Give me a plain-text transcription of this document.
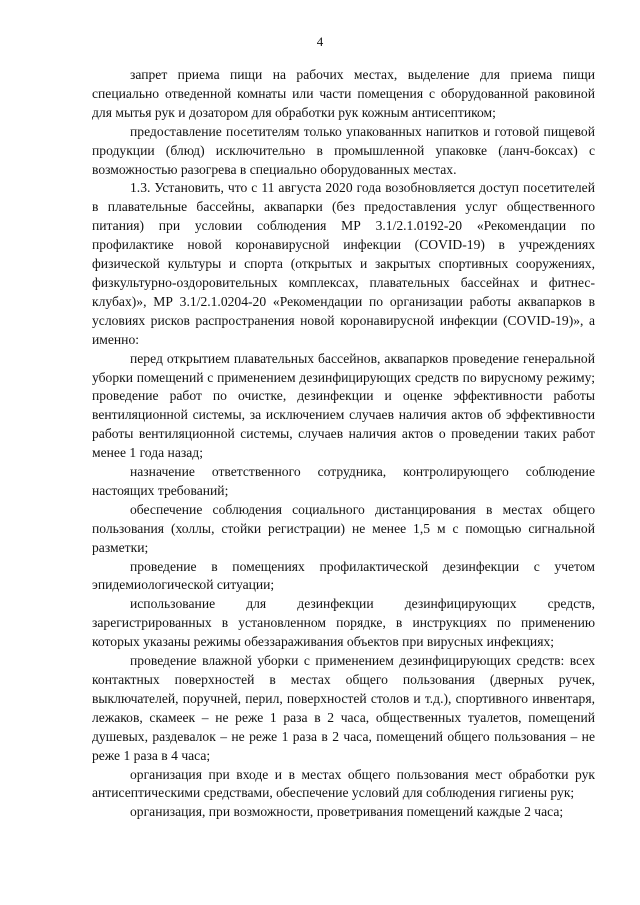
4

запрет приема пищи на рабочих местах, выделение для приема пищи специально отведенной комнаты или части помещения с оборудованной раковиной для мытья рук и дозатором для обработки рук кожным антисептиком;

предоставление посетителям только упакованных напитков и готовой пищевой продукции (блюд) исключительно в промышленной упаковке (ланч-боксах) с возможностью разогрева в специально оборудованных местах.

1.3. Установить, что с 11 августа 2020 года возобновляется доступ посетителей в плавательные бассейны, аквапарки (без предоставления услуг общественного питания) при условии соблюдения МР 3.1/2.1.0192-20 «Рекомендации по профилактике новой коронавирусной инфекции (COVID-19) в учреждениях физической культуры и спорта (открытых и закрытых спортивных сооружениях, физкультурно-оздоровительных комплексах, плавательных бассейнах и фитнес-клубах)», МР 3.1/2.1.0204-20 «Рекомендации по организации работы аквапарков в условиях рисков распространения новой коронавирусной инфекции (COVID-19)», а именно:

перед открытием плавательных бассейнов, аквапарков проведение генеральной уборки помещений с применением дезинфицирующих средств по вирусному режиму; проведение работ по очистке, дезинфекции и оценке эффективности работы вентиляционной системы, за исключением случаев наличия актов об эффективности работы вентиляционной системы, случаев наличия актов о проведении таких работ менее 1 года назад;

назначение ответственного сотрудника, контролирующего соблюдение настоящих требований;

обеспечение соблюдения социального дистанцирования в местах общего пользования (холлы, стойки регистрации) не менее 1,5 м с помощью сигнальной разметки;

проведение в помещениях профилактической дезинфекции с учетом эпидемиологической ситуации;

использование для дезинфекции дезинфицирующих средств, зарегистрированных в установленном порядке, в инструкциях по применению которых указаны режимы обеззараживания объектов при вирусных инфекциях;

проведение влажной уборки с применением дезинфицирующих средств: всех контактных поверхностей в местах общего пользования (дверных ручек, выключателей, поручней, перил, поверхностей столов и т.д.), спортивного инвентаря, лежаков, скамеек – не реже 1 раза в 2 часа, общественных туалетов, помещений душевых, раздевалок – не реже 1 раза в 2 часа, помещений общего пользования – не реже 1 раза в 4 часа;

организация при входе и в местах общего пользования мест обработки рук антисептическими средствами, обеспечение условий для соблюдения гигиены рук;

организация, при возможности, проветривания помещений каждые 2 часа;
